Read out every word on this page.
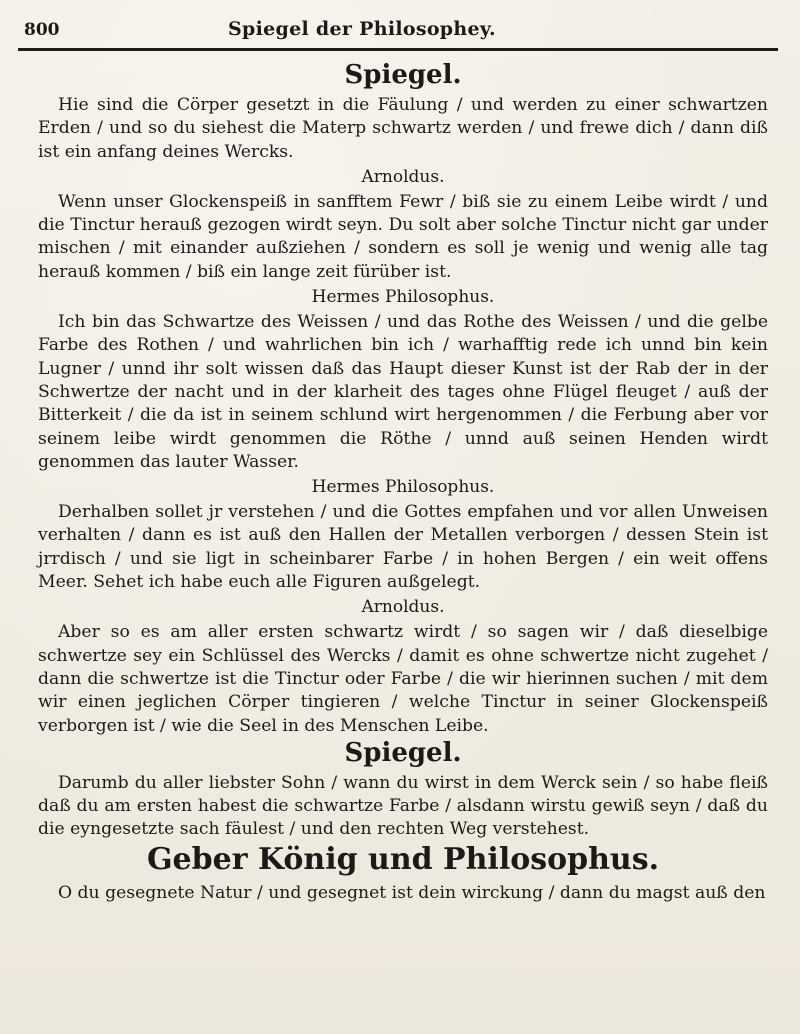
800	Spiegel der Philosophey.
Spiegel.

Hie sind die Cörper gesetzt in die Fäulung / und werden zu einer schwartzen Erden / und so du siehest die Materp schwartz werden / und frewe dich / dann diß ist ein anfang deines Wercks.

Arnoldus.

Wenn unser Glockenspeiß in sanfftem Fewr / biß sie zu einem Leibe wirdt / und die Tinctur herauß gezogen wirdt seyn. Du solt aber solche Tinctur nicht gar under mischen / mit einander außziehen / sondern es soll je wenig und wenig alle tag herauß kommen / biß ein lange zeit fürüber ist.

Hermes Philosophus.

Ich bin das Schwartze des Weissen / und das Rothe des Weissen / und die gelbe Farbe des Rothen / und wahrlichen bin ich / warhafftig rede ich unnd bin kein Lugner / unnd ihr solt wissen daß das Haupt dieser Kunst ist der Rab der in der Schwertze der nacht und in der klarheit des tages ohne Flügel fleuget / auß der Bitterkeit / die da ist in seinem schlund wirt hergenommen / die Ferbung aber vor seinem leibe wirdt genommen die Röthe / unnd auß seinen Henden wirdt genommen das lauter Wasser.

Hermes Philosophus.

Derhalben sollet jr verstehen / und die Gottes empfahen und vor allen Unweisen verhalten / dann es ist auß den Hallen der Metallen verborgen / dessen Stein ist jrrdisch / und sie ligt in scheinbarer Farbe / in hohen Bergen / ein weit offens Meer. Sehet ich habe euch alle Figuren außgelegt.

Arnoldus.

Aber so es am aller ersten schwartz wirdt / so sagen wir / daß dieselbige schwertze sey ein Schlüssel des Wercks / damit es ohne schwertze nicht zugehet / dann die schwertze ist die Tinctur oder Farbe / die wir hierinnen suchen / mit dem wir einen jeglichen Cörper tingieren / welche Tinctur in seiner Glockenspeiß verborgen ist / wie die Seel in des Menschen Leibe.

Spiegel.

Darumb du aller liebster Sohn / wann du wirst in dem Werck sein / so habe fleiß daß du am ersten habest die schwartze Farbe / alsdann wirstu gewiß seyn / daß du die eyngesetzte sach fäulest / und den rechten Weg verstehest.

Geber König und Philosophus.

O du gesegnete Natur / und gesegnet ist dein wirckung / dann du magst auß den
